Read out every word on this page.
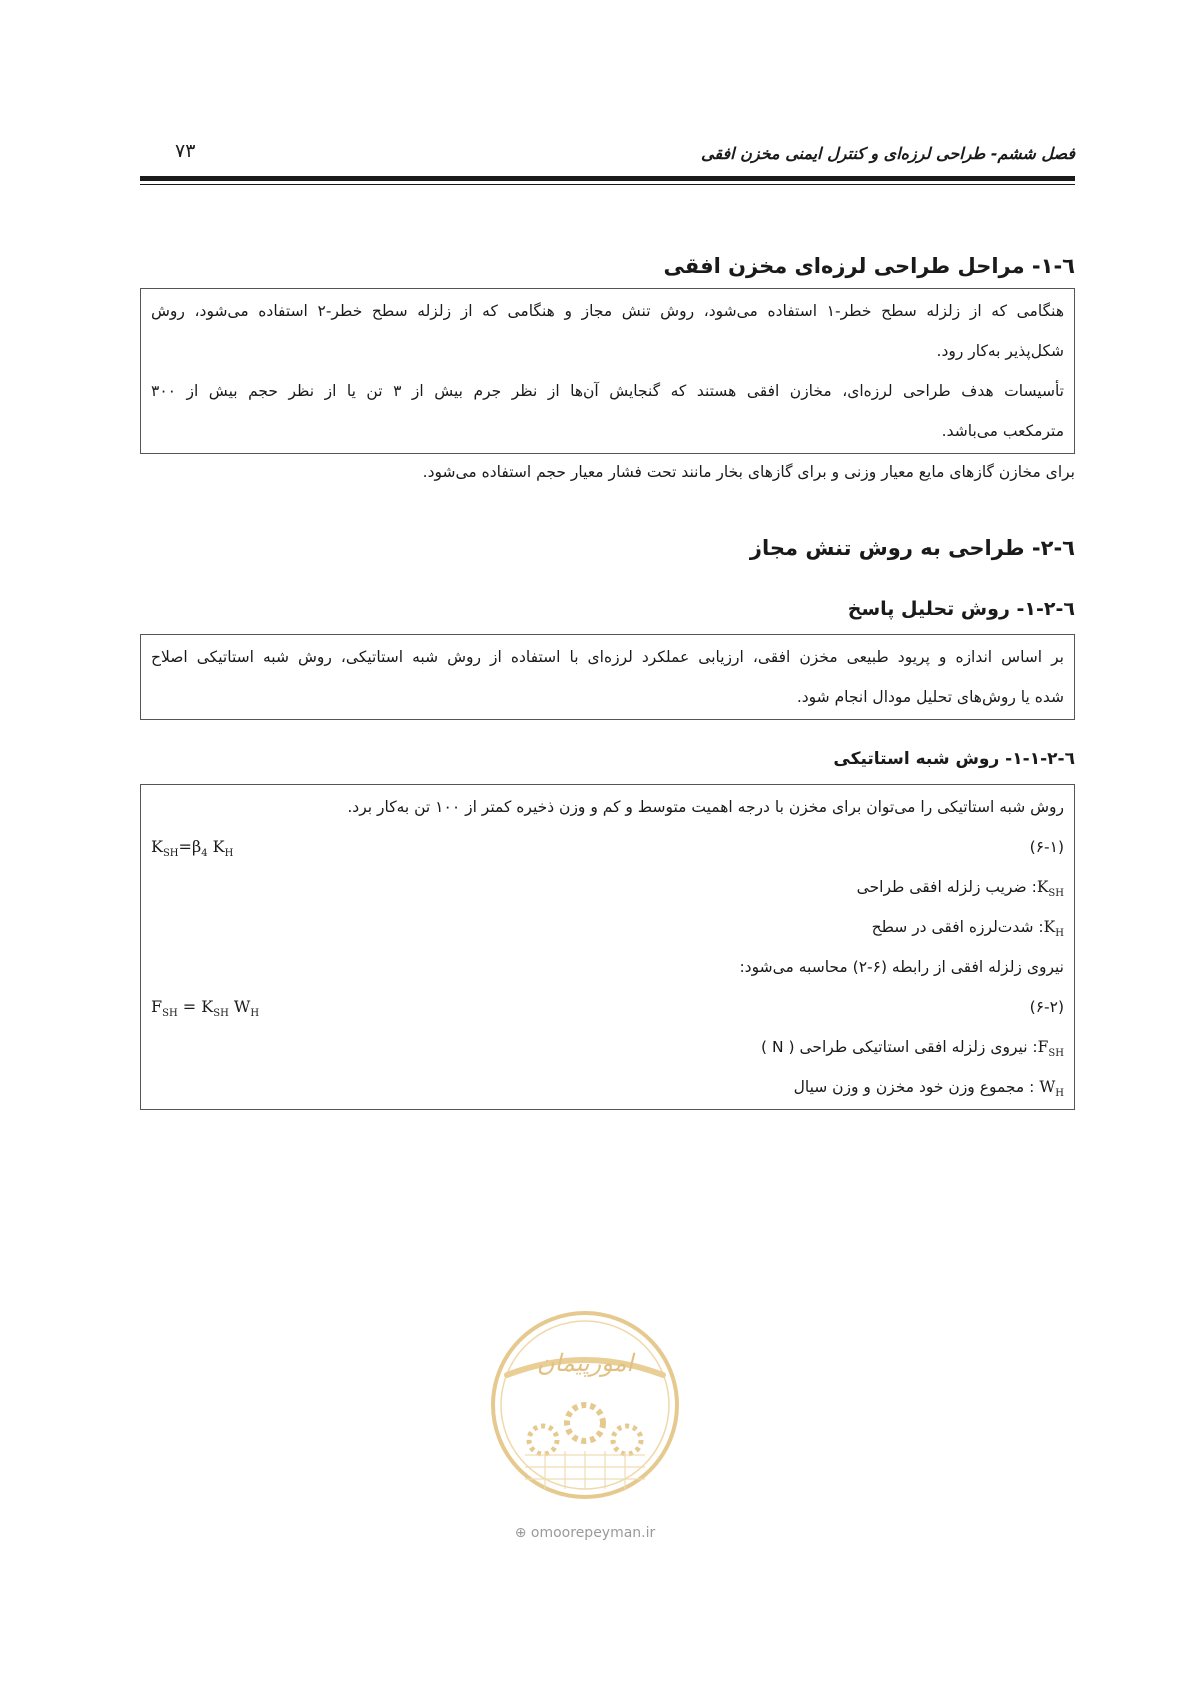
۷۳	فصل ششم- طراحی لرزه‌ای و کنترل ایمنی مخزن افقی
٦-١- مراحل طراحی لرزه‌ای مخزن افقی
هنگامی که از زلزله سطح خطر-۱ استفاده می‌شود، روش تنش مجاز و هنگامی که از زلزله سطح خطر-۲ استفاده می‌شود، روش
شکل‌پذیر به‌کار رود.
تأسیسات هدف طراحی لرزه‌ای، مخازن افقی هستند که گنجایش آن‌ها از نظر جرم بیش از ۳ تن یا از نظر حجم بیش از ۳۰۰
مترمکعب می‌باشد.
برای مخازن گازهای مایع معیار وزنی و برای گازهای بخار مانند تحت فشار معیار حجم استفاده می‌شود.
٦-٢- طراحی به روش تنش مجاز
٦-٢-١- روش تحلیل پاسخ
بر اساس اندازه و پریود طبیعی مخزن افقی، ارزیابی عملکرد لرزه‌ای با استفاده از روش شبه استاتیکی، روش شبه استاتیکی اصلاح
شده یا روش‌های تحلیل مودال انجام شود.
٦-٢-١-١- روش شبه استاتیکی
روش شبه استاتیکی را می‌توان برای مخزن با درجه اهمیت متوسط و کم و وزن ذخیره کمتر از ۱۰۰ تن به‌کار برد.
(۶-۱)
$K_{SH}=\beta_4$ $K_H$
$K_{SH}$: ضریب زلزله افقی طراحی
$K_H$: شدت‌لرزه افقی در سطح
نیروی زلزله افقی از رابطه (۶-۲) محاسبه می‌شود:
(۶-۲)
$F_{SH} = K_{SH}$ $W_H$
$F_{SH}$: نیروی زلزله افقی استاتیکی طراحی ( N )
$W_H$ : مجموع وزن خود مخزن و وزن سیال
امورپیمان
⊕ omoorepeyman.ir
